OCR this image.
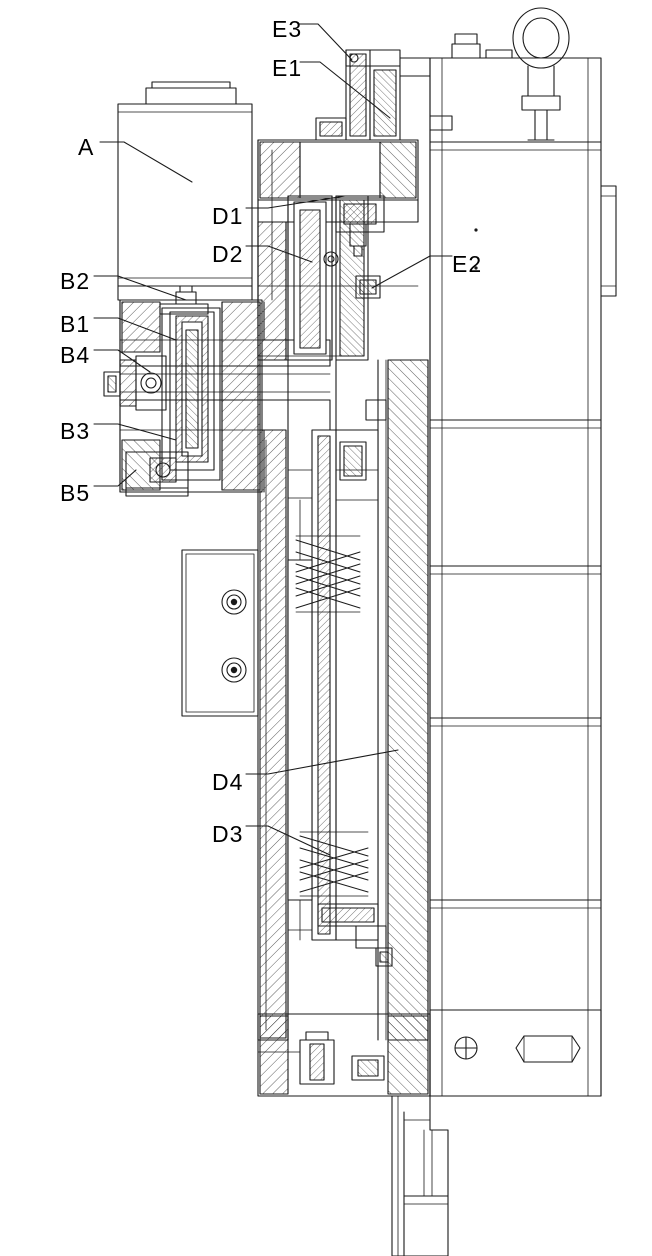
E3
E1
A
D1
D2	E2
B2
B1
B4
B3
B5
D4
D3
